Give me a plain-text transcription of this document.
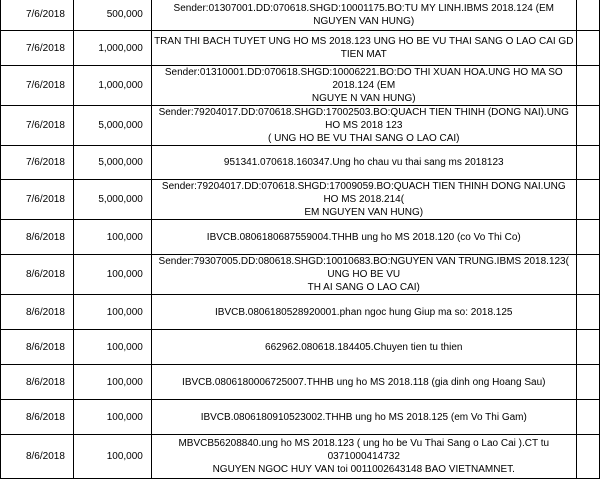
7/6/2018	500,000	Sender:01307001.DD:070618.SHGD:10001175.BO:TU MY LINH.IBMS 2018.124 (EM NGUYEN VAN HUNG)	

7/6/2018	1,000,000	TRAN THI BACH TUYET UNG HO MS 2018.123 UNG HO BE VU THAI SANG O LAO CAI GD TIEN MAT	

7/6/2018	1,000,000	Sender:01310001.DD:070618.SHGD:10006221.BO:DO THI XUAN HOA.UNG HO MA SO 2018.124 (EM
NGUYE N VAN HUNG)	

7/6/2018	5,000,000	Sender:79204017.DD:070618.SHGD:17002503.BO:QUACH TIEN THINH (DONG NAI).UNG HO MS 2018 123
( UNG HO BE VU THAI SANG O LAO CAI)	

7/6/2018	5,000,000	951341.070618.160347.Ung ho chau vu thai sang ms 2018123	

7/6/2018	5,000,000	Sender:79204017.DD:070618.SHGD:17009059.BO:QUACH TIEN THINH DONG NAI.UNG HO MS 2018.214(
EM NGUYEN VAN HUNG)	

8/6/2018	100,000	IBVCB.0806180687559004.THHB ung ho MS 2018.120 (co Vo Thi Co)	

8/6/2018	100,000	Sender:79307005.DD:080618.SHGD:10010683.BO:NGUYEN VAN TRUNG.IBMS 2018.123( UNG HO BE VU
TH AI SANG O LAO CAI)	

8/6/2018	100,000	IBVCB.0806180528920001.phan ngoc hung Giup ma so: 2018.125	

8/6/2018	100,000	662962.080618.184405.Chuyen tien tu thien	

8/6/2018	100,000	IBVCB.0806180006725007.THHB ung ho MS 2018.118 (gia dinh ong Hoang Sau)	

8/6/2018	100,000	IBVCB.0806180910523002.THHB ung ho MS 2018.125 (em Vo Thi Gam)	

8/6/2018	100,000	MBVCB56208840.ung ho MS 2018.123 ( ung ho be Vu Thai Sang o Lao Cai ).CT tu 0371000414732
NGUYEN NGOC HUY VAN toi 0011002643148 BAO VIETNAMNET.	
